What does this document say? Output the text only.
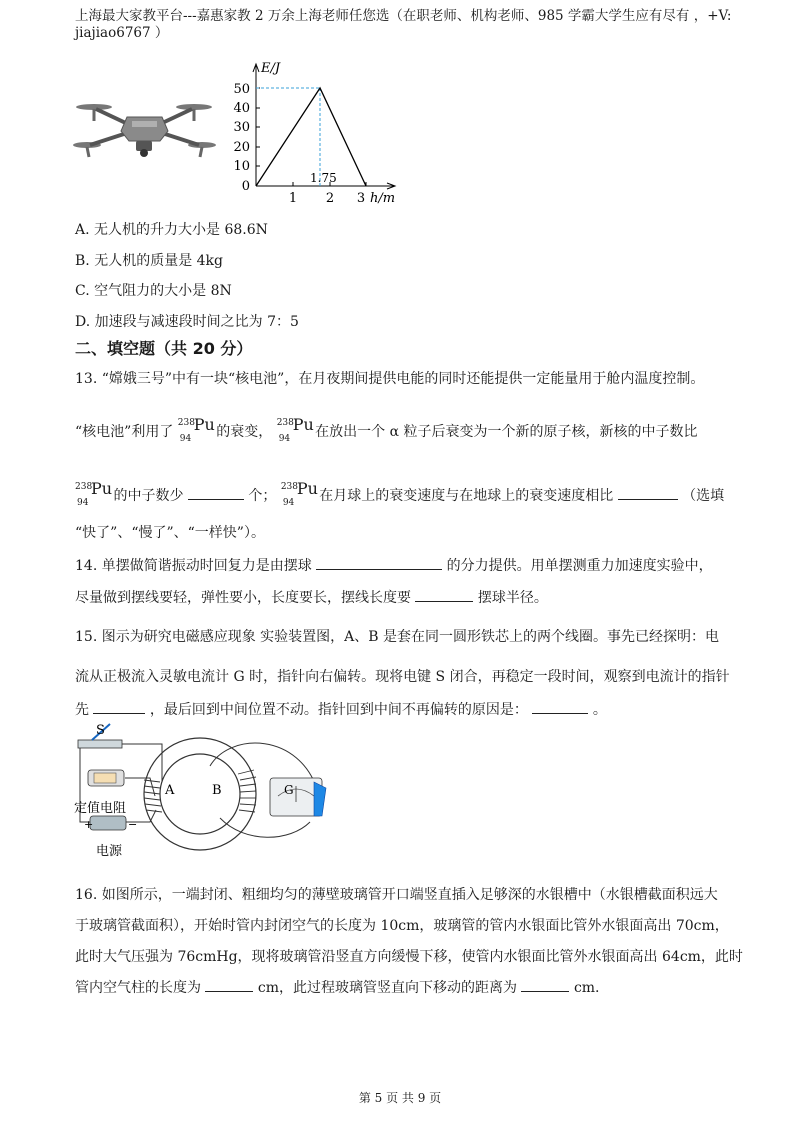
上海最大家教平台---嘉惠家教 2 万余上海老师任您选（在职老师、机构老师、985 学霸大学生应有尽有 ，+V:
jiajiao6767 ）
E/J
h/m
50
40
30
20
10
0
1 2 3
1.75
A. 无人机的升力大小是 68.6N
B. 无人机的质量是 4kg
C. 空气阻力的大小是 8N
D. 加速段与减速段时间之比为 7：5
二、填空题（共 20 分）
13. “嫦娥三号”中有一块“核电池”，在月夜期间提供电能的同时还能提供一定能量用于舱内温度控制。
“核电池”利用了
238
94
Pu 的衰变，
238
94
Pu 在放出一个 α 粒子后衰变为一个新的原子核，新核的中子数比
238
94
Pu 的中子数少	个；
238
94
Pu 在月球上的衰变速度与在地球上的衰变速度相比	（选填
“快了”、“慢了”、“一样快”）。
14. 单摆做简谐振动时回复力是由摆球	的分力提供。用单摆测重力加速度实验中，
尽量做到摆线要轻，弹性要小，长度要长，摆线长度要	摆球半径。
15. 图示为研究电磁感应现象 实验装置图，A、B 是套在同一圆形铁芯上的两个线圈。事先已经探明：电
流从正极流入灵敏电流计 G 时，指针向右偏转。现将电键 S 闭合，再稳定一段时间，观察到电流计的指针
先	，最后回到中间位置不动。指针回到中间不再偏转的原因是：	。
+	−
S
A	B	G
定值电阻
电源
16. 如图所示，一端封闭、粗细均匀的薄壁玻璃管开口端竖直插入足够深的水银槽中（水银槽截面积远大
于玻璃管截面积），开始时管内封闭空气的长度为 10cm，玻璃管的管内水银面比管外水银面高出 70cm，
此时大气压强为 76cmHg，现将玻璃管沿竖直方向缓慢下移，使管内水银面比管外水银面高出 64cm，此时
管内空气柱的长度为	cm，此过程玻璃管竖直向下移动的距离为	cm.
第 5 页 共 9 页
